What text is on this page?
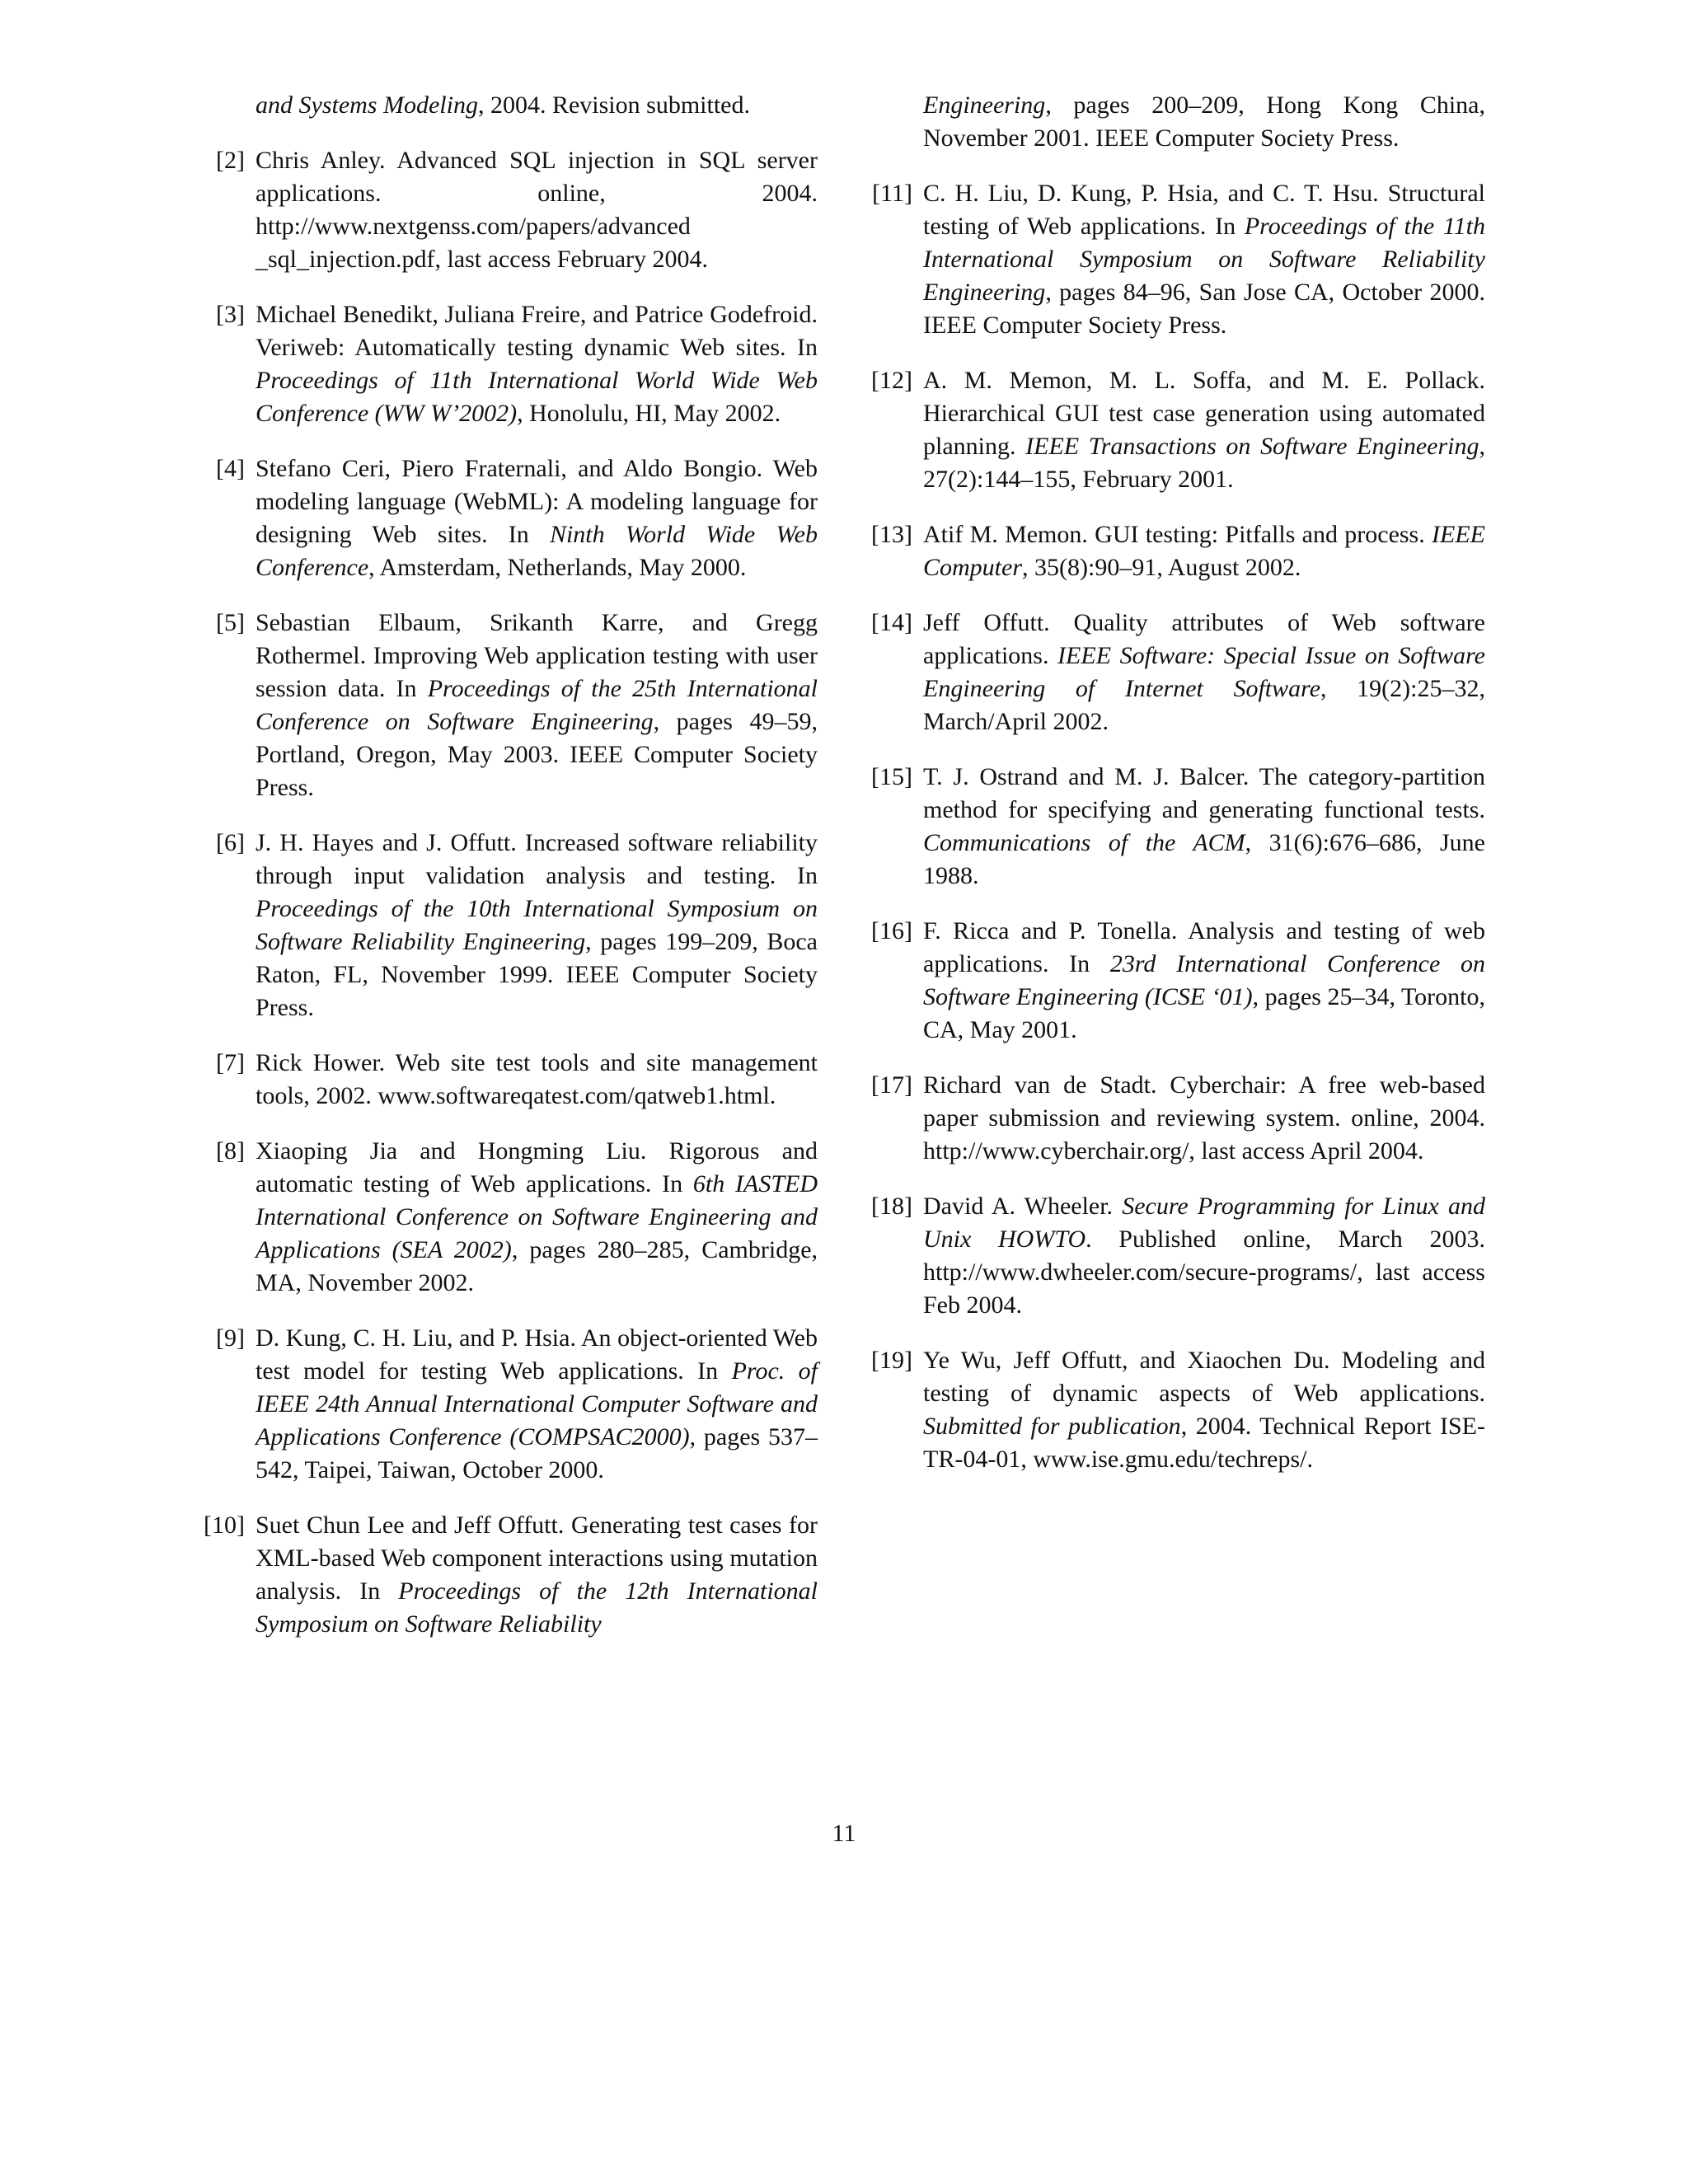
and Systems Modeling, 2004. Revision submitted.
[2] Chris Anley. Advanced SQL injection in SQL server applications. online, 2004. http://www.nextgenss.com/papers/advanced _sql_injection.pdf, last access February 2004.
[3] Michael Benedikt, Juliana Freire, and Patrice Godefroid. Veriweb: Automatically testing dynamic Web sites. In Proceedings of 11th International World Wide Web Conference (WW W’2002), Honolulu, HI, May 2002.
[4] Stefano Ceri, Piero Fraternali, and Aldo Bongio. Web modeling language (WebML): A modeling language for designing Web sites. In Ninth World Wide Web Conference, Amsterdam, Netherlands, May 2000.
[5] Sebastian Elbaum, Srikanth Karre, and Gregg Rothermel. Improving Web application testing with user session data. In Proceedings of the 25th International Conference on Software Engineering, pages 49–59, Portland, Oregon, May 2003. IEEE Computer Society Press.
[6] J. H. Hayes and J. Offutt. Increased software reliability through input validation analysis and testing. In Proceedings of the 10th International Symposium on Software Reliability Engineering, pages 199–209, Boca Raton, FL, November 1999. IEEE Computer Society Press.
[7] Rick Hower. Web site test tools and site management tools, 2002. www.softwareqatest.com/qatweb1.html.
[8] Xiaoping Jia and Hongming Liu. Rigorous and automatic testing of Web applications. In 6th IASTED International Conference on Software Engineering and Applications (SEA 2002), pages 280–285, Cambridge, MA, November 2002.
[9] D. Kung, C. H. Liu, and P. Hsia. An object-oriented Web test model for testing Web applications. In Proc. of IEEE 24th Annual International Computer Software and Applications Conference (COMPSAC2000), pages 537–542, Taipei, Taiwan, October 2000.
[10] Suet Chun Lee and Jeff Offutt. Generating test cases for XML-based Web component interactions using mutation analysis. In Proceedings of the 12th International Symposium on Software Reliability
Engineering, pages 200–209, Hong Kong China, November 2001. IEEE Computer Society Press.
[11] C. H. Liu, D. Kung, P. Hsia, and C. T. Hsu. Structural testing of Web applications. In Proceedings of the 11th International Symposium on Software Reliability Engineering, pages 84–96, San Jose CA, October 2000. IEEE Computer Society Press.
[12] A. M. Memon, M. L. Soffa, and M. E. Pollack. Hierarchical GUI test case generation using automated planning. IEEE Transactions on Software Engineering, 27(2):144–155, February 2001.
[13] Atif M. Memon. GUI testing: Pitfalls and process. IEEE Computer, 35(8):90–91, August 2002.
[14] Jeff Offutt. Quality attributes of Web software applications. IEEE Software: Special Issue on Software Engineering of Internet Software, 19(2):25–32, March/April 2002.
[15] T. J. Ostrand and M. J. Balcer. The category-partition method for specifying and generating functional tests. Communications of the ACM, 31(6):676–686, June 1988.
[16] F. Ricca and P. Tonella. Analysis and testing of web applications. In 23rd International Conference on Software Engineering (ICSE ‘01), pages 25–34, Toronto, CA, May 2001.
[17] Richard van de Stadt. Cyberchair: A free web-based paper submission and reviewing system. online, 2004. http://www.cyberchair.org/, last access April 2004.
[18] David A. Wheeler. Secure Programming for Linux and Unix HOWTO. Published online, March 2003. http://www.dwheeler.com/secure-programs/, last access Feb 2004.
[19] Ye Wu, Jeff Offutt, and Xiaochen Du. Modeling and testing of dynamic aspects of Web applications. Submitted for publication, 2004. Technical Report ISE-TR-04-01, www.ise.gmu.edu/techreps/.
11
